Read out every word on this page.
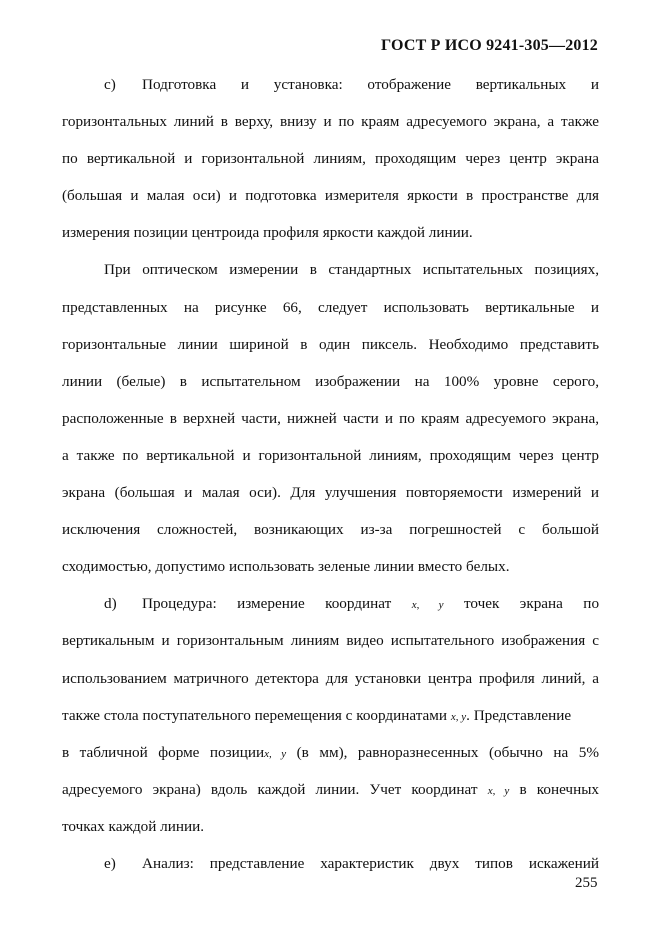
ГОСТ Р ИСО 9241-305—2012
c) Подготовка и установка: отображение вертикальных и
горизонтальных линий в верху, внизу и по краям адресуемого экрана, а также
по вертикальной и горизонтальной линиям, проходящим через центр экрана
(большая и малая оси) и подготовка измерителя яркости в пространстве для
измерения позиции центроида профиля яркости каждой линии.
При оптическом измерении в стандартных испытательных позициях,
представленных на рисунке 66, следует использовать вертикальные и
горизонтальные линии шириной в один пиксель. Необходимо представить
линии (белые) в испытательном изображении на 100% уровне серого,
расположенные в верхней части, нижней части и по краям адресуемого экрана,
а также по вертикальной и горизонтальной линиям, проходящим через центр
экрана (большая и малая оси). Для улучшения повторяемости измерений и
исключения сложностей, возникающих из-за погрешностей с большой
сходимостью, допустимо использовать зеленые линии вместо белых.
d) Процедура: измерение координат x, y точек экрана по
вертикальным и горизонтальным линиям видео испытательного изображения с
использованием матричного детектора для установки центра профиля линий, а
также стола поступательного перемещения с координатами x, y. Представление
в табличной форме позицииx, y (в мм), равноразнесенных (обычно на 5%
адресуемого экрана) вдоль каждой линии. Учет координат x, y в конечных
точках каждой линии.
e) Анализ: представление характеристик двух типов искажений
255
